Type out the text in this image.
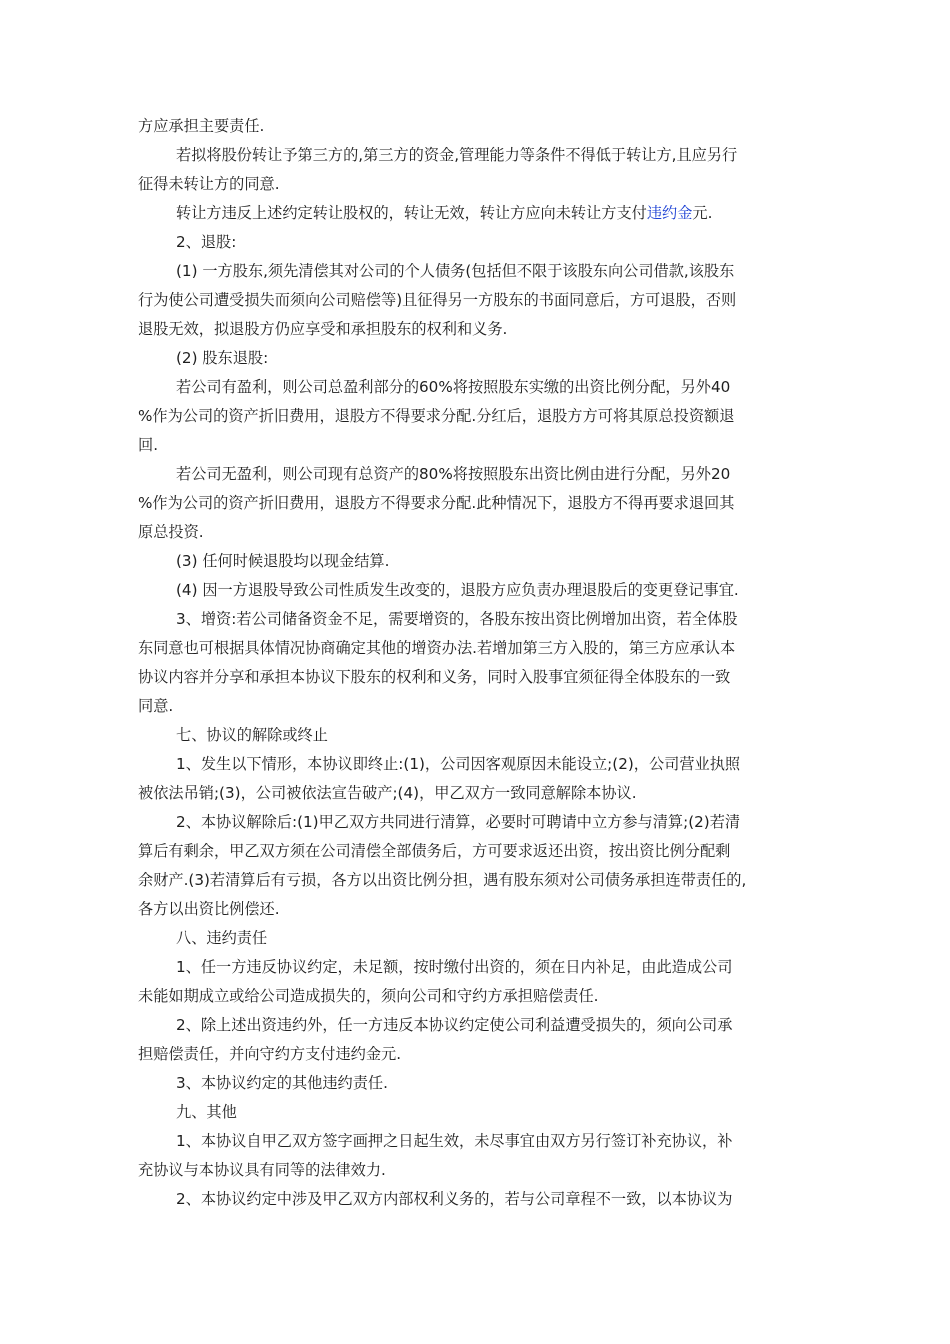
方应承担主要责任.
若拟将股份转让予第三方的,第三方的资金,管理能力等条件不得低于转让方,且应另行
征得未转让方的同意.
转让方违反上述约定转让股权的，转让无效，转让方应向未转让方支付违约金元.
2、退股:
(1) 一方股东,须先清偿其对公司的个人债务(包括但不限于该股东向公司借款,该股东
行为使公司遭受损失而须向公司赔偿等)且征得另一方股东的书面同意后，方可退股，否则
退股无效，拟退股方仍应享受和承担股东的权利和义务.
(2) 股东退股:
若公司有盈利，则公司总盈利部分的60%将按照股东实缴的出资比例分配，另外40
%作为公司的资产折旧费用，退股方不得要求分配.分红后，退股方方可将其原总投资额退
回.
若公司无盈利，则公司现有总资产的80%将按照股东出资比例由进行分配，另外20
%作为公司的资产折旧费用，退股方不得要求分配.此种情况下，退股方不得再要求退回其
原总投资.
(3) 任何时候退股均以现金结算.
(4) 因一方退股导致公司性质发生改变的，退股方应负责办理退股后的变更登记事宜.
3、增资:若公司储备资金不足，需要增资的，各股东按出资比例增加出资，若全体股
东同意也可根据具体情况协商确定其他的增资办法.若增加第三方入股的，第三方应承认本
协议内容并分享和承担本协议下股东的权利和义务，同时入股事宜须征得全体股东的一致
同意.
七、协议的解除或终止
1、发生以下情形，本协议即终止:(1)，公司因客观原因未能设立;(2)，公司营业执照
被依法吊销;(3)，公司被依法宣告破产;(4)，甲乙双方一致同意解除本协议.
2、本协议解除后:(1)甲乙双方共同进行清算，必要时可聘请中立方参与清算;(2)若清
算后有剩余，甲乙双方须在公司清偿全部债务后，方可要求返还出资，按出资比例分配剩
余财产.(3)若清算后有亏损，各方以出资比例分担，遇有股东须对公司债务承担连带责任的,
各方以出资比例偿还.
八、违约责任
1、任一方违反协议约定，未足额，按时缴付出资的，须在日内补足，由此造成公司
未能如期成立或给公司造成损失的，须向公司和守约方承担赔偿责任.
2、除上述出资违约外，任一方违反本协议约定使公司利益遭受损失的，须向公司承
担赔偿责任，并向守约方支付违约金元.
3、本协议约定的其他违约责任.
九、其他
1、本协议自甲乙双方签字画押之日起生效，未尽事宜由双方另行签订补充协议，补
充协议与本协议具有同等的法律效力.
2、本协议约定中涉及甲乙双方内部权利义务的，若与公司章程不一致，以本协议为
